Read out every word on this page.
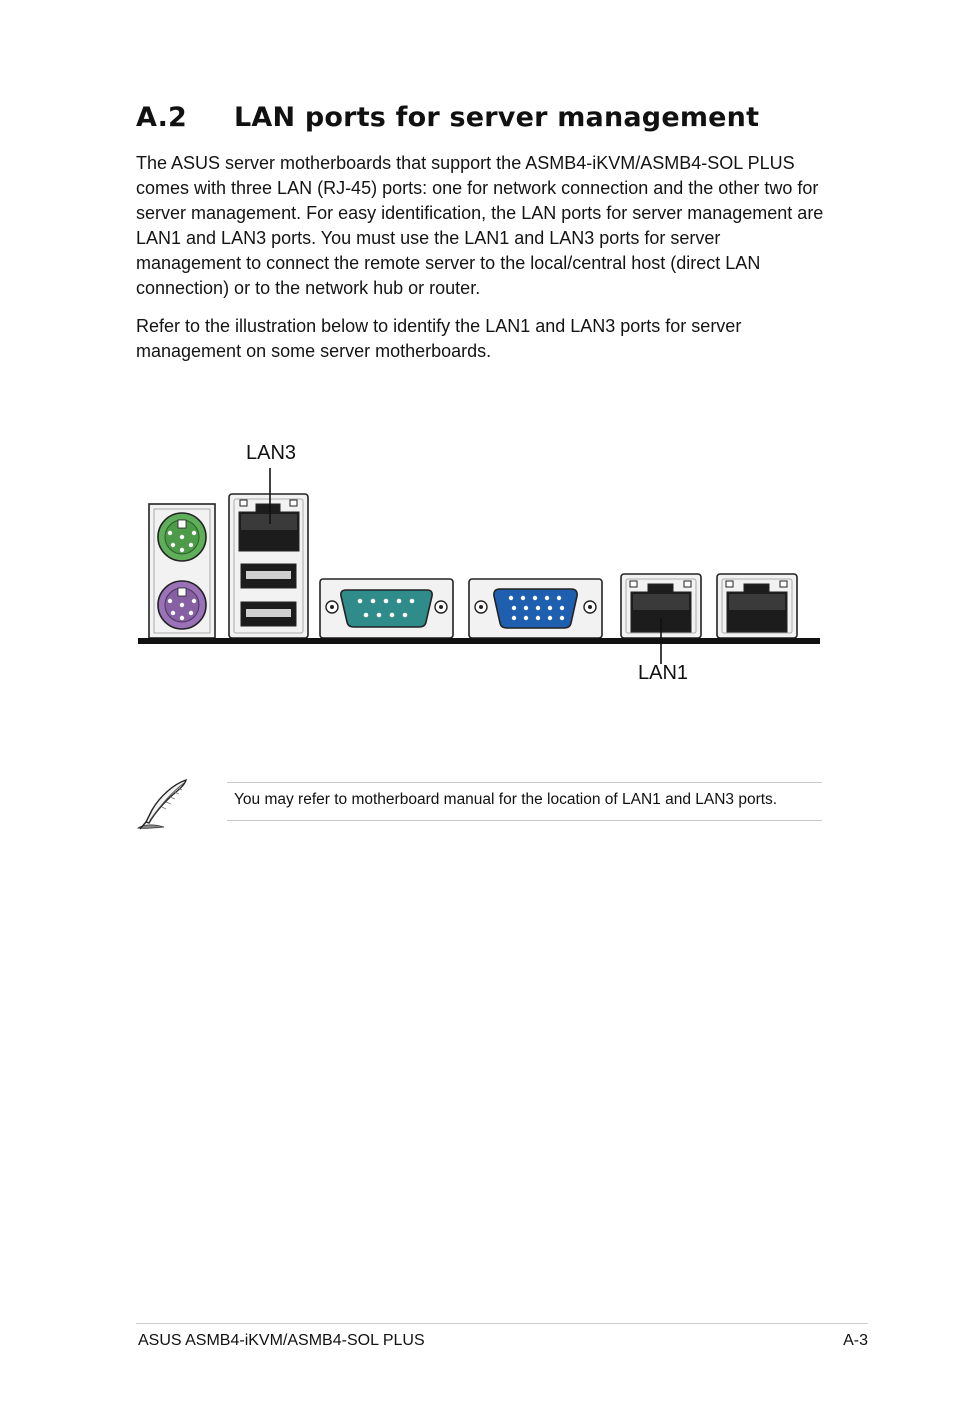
A.2 LAN ports for server management

The ASUS server motherboards that support the ASMB4-iKVM/ASMB4-SOL PLUS comes with three LAN (RJ-45) ports: one for network connection and the other two for server management. For easy identification, the LAN ports for server management are LAN1 and LAN3 ports. You must use the LAN1 and LAN3 ports for server management to connect the remote server to the local/central host (direct LAN connection) or to the network hub or router.

Refer to the illustration below to identify the LAN1 and LAN3 ports for server management on some server motherboards.

LAN3
LAN1

You may refer to motherboard manual for the location of LAN1 and LAN3 ports.

ASUS ASMB4-iKVM/ASMB4-SOL PLUS	A-3
